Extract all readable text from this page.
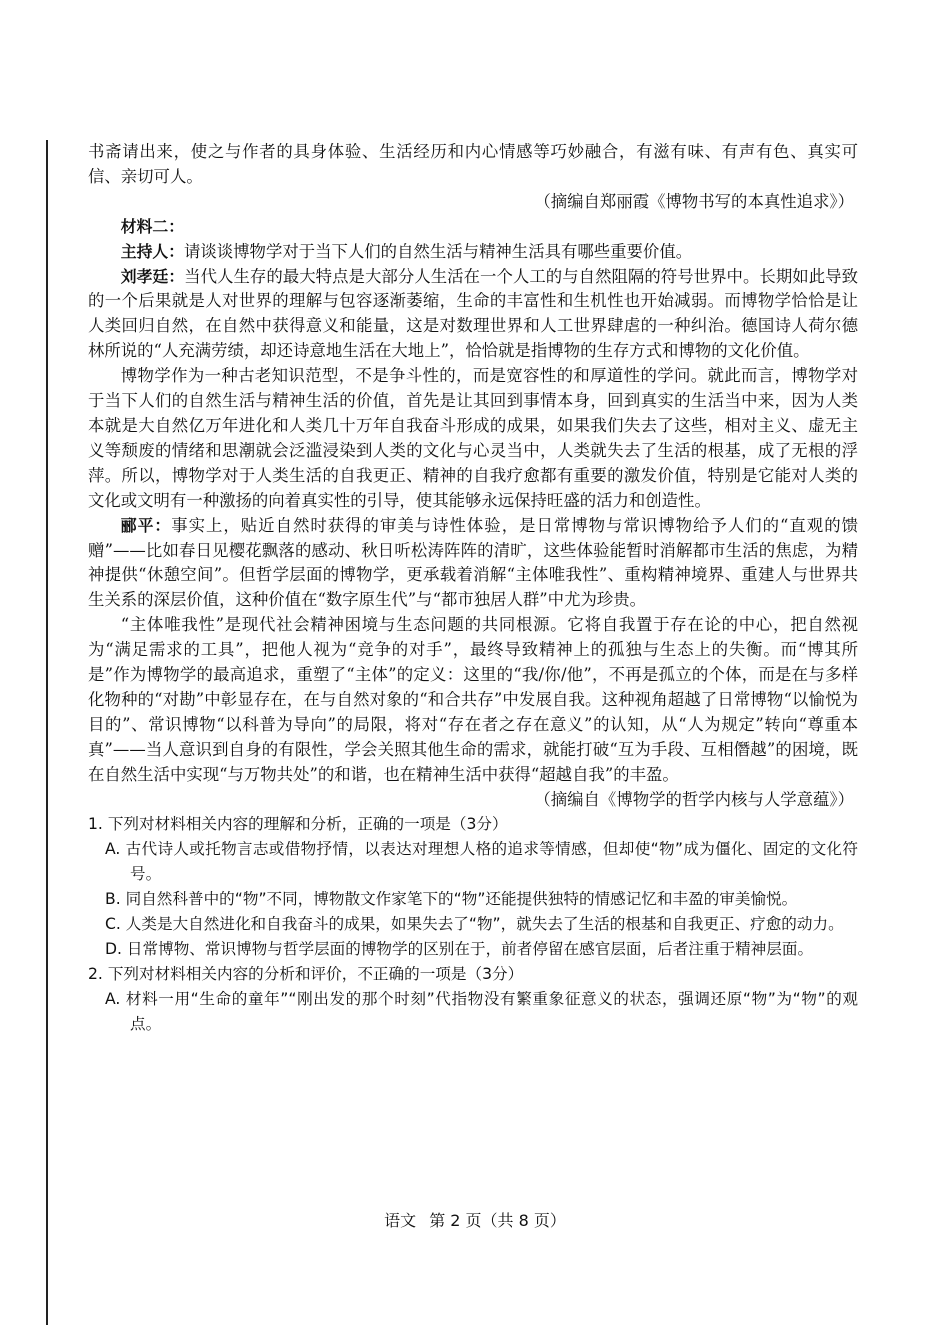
书斋请出来，使之与作者的具身体验、生活经历和内心情感等巧妙融合，有滋有味、有声有色、真实可信、亲切可人。

（摘编自郑丽霞《博物书写的本真性追求》）

材料二：

主持人：请谈谈博物学对于当下人们的自然生活与精神生活具有哪些重要价值。

刘孝廷：当代人生存的最大特点是大部分人生活在一个人工的与自然阻隔的符号世界中。长期如此导致的一个后果就是人对世界的理解与包容逐渐萎缩，生命的丰富性和生机性也开始减弱。而博物学恰恰是让人类回归自然，在自然中获得意义和能量，这是对数理世界和人工世界肆虐的一种纠治。德国诗人荷尔德林所说的“人充满劳绩，却还诗意地生活在大地上”，恰恰就是指博物的生存方式和博物的文化价值。

博物学作为一种古老知识范型，不是争斗性的，而是宽容性的和厚道性的学问。就此而言，博物学对于当下人们的自然生活与精神生活的价值，首先是让其回到事情本身，回到真实的生活当中来，因为人类本就是大自然亿万年进化和人类几十万年自我奋斗形成的成果，如果我们失去了这些，相对主义、虚无主义等颓废的情绪和思潮就会泛滥浸染到人类的文化与心灵当中，人类就失去了生活的根基，成了无根的浮萍。所以，博物学对于人类生活的自我更正、精神的自我疗愈都有重要的激发价值，特别是它能对人类的文化或文明有一种激扬的向着真实性的引导，使其能够永远保持旺盛的活力和创造性。

郦平：事实上，贴近自然时获得的审美与诗性体验，是日常博物与常识博物给予人们的“直观的馈赠”——比如春日见樱花飘落的感动、秋日听松涛阵阵的清旷，这些体验能暂时消解都市生活的焦虑，为精神提供“休憩空间”。但哲学层面的博物学，更承载着消解“主体唯我性”、重构精神境界、重建人与世界共生关系的深层价值，这种价值在“数字原生代”与“都市独居人群”中尤为珍贵。

“主体唯我性”是现代社会精神困境与生态问题的共同根源。它将自我置于存在论的中心，把自然视为“满足需求的工具”，把他人视为“竞争的对手”，最终导致精神上的孤独与生态上的失衡。而“博其所是”作为博物学的最高追求，重塑了“主体”的定义：这里的“我/你/他”，不再是孤立的个体，而是在与多样化物种的“对勘”中彰显存在，在与自然对象的“和合共存”中发展自我。这种视角超越了日常博物“以愉悦为目的”、常识博物“以科普为导向”的局限，将对“存在者之存在意义”的认知，从“人为规定”转向“尊重本真”——当人意识到自身的有限性，学会关照其他生命的需求，就能打破“互为手段、互相僭越”的困境，既在自然生活中实现“与万物共处”的和谐，也在精神生活中获得“超越自我”的丰盈。

（摘编自《博物学的哲学内核与人学意蕴》）

1. 下列对材料相关内容的理解和分析，正确的一项是（3分）

A. 古代诗人或托物言志或借物抒情，以表达对理想人格的追求等情感，但却使“物”成为僵化、固定的文化符号。

B. 同自然科普中的“物”不同，博物散文作家笔下的“物”还能提供独特的情感记忆和丰盈的审美愉悦。

C. 人类是大自然进化和自我奋斗的成果，如果失去了“物”，就失去了生活的根基和自我更正、疗愈的动力。

D. 日常博物、常识博物与哲学层面的博物学的区别在于，前者停留在感官层面，后者注重于精神层面。

2. 下列对材料相关内容的分析和评价，不正确的一项是（3分）

A. 材料一用“生命的童年”“刚出发的那个时刻”代指物没有繁重象征意义的状态，强调还原“物”为“物”的观点。

语文 第 2 页（共 8 页）
